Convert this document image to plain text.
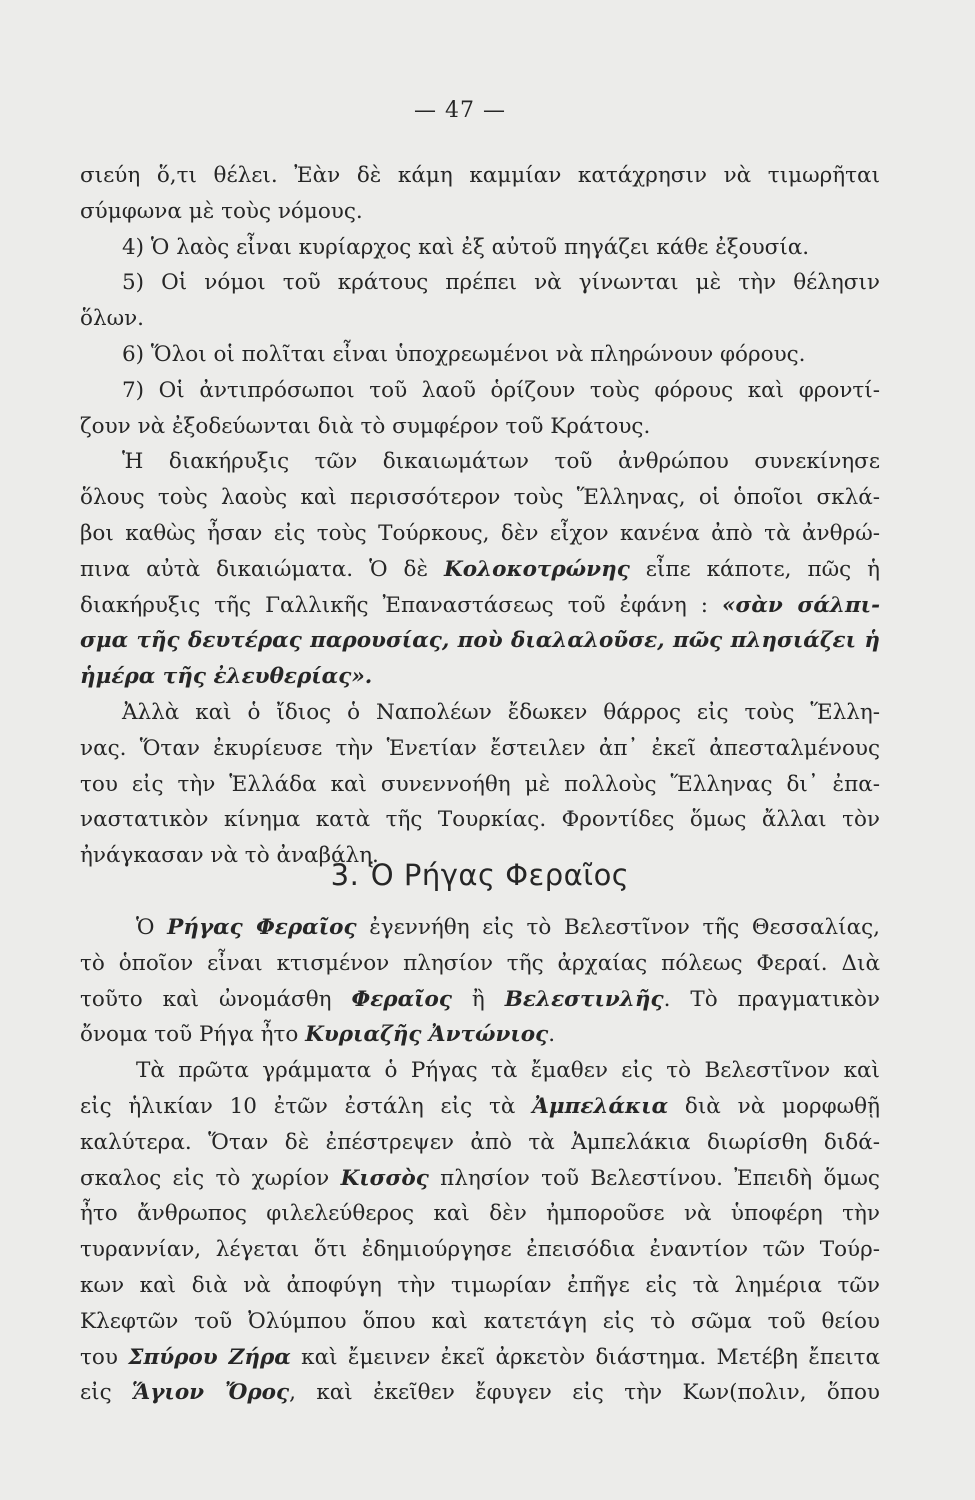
— 47 —
σιεύη ὅ,τι θέλει. Ἐὰν δὲ κάμη καμμίαν κατάχρησιν νὰ τιμωρῆται
σύμφωνα μὲ τοὺς νόμους.
4) Ὁ λαὸς εἶναι κυρίαρχος καὶ ἐξ αὐτοῦ πηγάζει κάθε ἐξουσία.
5) Οἱ νόμοι τοῦ κράτους πρέπει νὰ γίνωνται μὲ τὴν θέλησιν
ὅλων.
6) Ὅλοι οἱ πολῖται εἶναι ὑποχρεωμένοι νὰ πληρώνουν φόρους.
7) Οἱ ἀντιπρόσωποι τοῦ λαοῦ ὁρίζουν τοὺς φόρους καὶ φροντί-
ζουν νὰ ἐξοδεύωνται διὰ τὸ συμφέρον τοῦ Κράτους.
Ἡ διακήρυξις τῶν δικαιωμάτων τοῦ ἀνθρώπου συνεκίνησε
ὅλους τοὺς λαοὺς καὶ περισσότερον τοὺς Ἕλληνας, οἱ ὁποῖοι σκλά-
βοι καθὼς ἦσαν εἰς τοὺς Τούρκους, δὲν εἶχον κανένα ἀπὸ τὰ ἀνθρώ-
πινα αὐτὰ δικαιώματα. Ὁ δὲ Κολοκοτρώνης εἶπε κάποτε, πῶς ἡ
διακήρυξις τῆς Γαλλικῆς Ἐπαναστάσεως τοῦ ἐφάνη : «σὰν σάλπι-
σμα τῆς δευτέρας παρουσίας, ποὺ διαλαλοῦσε, πῶς πλησιάζει ἡ
ἡμέρα τῆς ἐλευθερίας».
Ἀλλὰ καὶ ὁ ἴδιος ὁ Ναπολέων ἔδωκεν θάρρος εἰς τοὺς Ἕλλη-
νας. Ὅταν ἐκυρίευσε τὴν Ἑνετίαν ἔστειλεν ἀπ᾽ ἐκεῖ ἀπεσταλμένους
του εἰς τὴν Ἑλλάδα καὶ συνεννοήθη μὲ πολλοὺς Ἕλληνας δι᾽ ἐπα-
ναστατικὸν κίνημα κατὰ τῆς Τουρκίας. Φροντίδες ὅμως ἄλλαι τὸν
ἠνάγκασαν νὰ τὸ ἀναβάλη.
3. Ὁ Ρήγας Φεραῖος
Ὁ Ρήγας Φεραῖος ἐγεννήθη εἰς τὸ Βελεστῖνον τῆς Θεσσαλίας,
τὸ ὁποῖον εἶναι κτισμένον πλησίον τῆς ἀρχαίας πόλεως Φεραί. Διὰ
τοῦτο καὶ ὠνομάσθη Φεραῖος ἢ Βελεστινλῆς. Τὸ πραγματικὸν
ὄνομα τοῦ Ρήγα ἦτο Κυριαζῆς Ἀντώνιος.
Τὰ πρῶτα γράμματα ὁ Ρήγας τὰ ἔμαθεν εἰς τὸ Βελεστῖνον καὶ
εἰς ἡλικίαν 10 ἐτῶν ἐστάλη εἰς τὰ Ἀμπελάκια διὰ νὰ μορφωθῇ
καλύτερα. Ὅταν δὲ ἐπέστρεψεν ἀπὸ τὰ Ἀμπελάκια διωρίσθη διδά-
σκαλος εἰς τὸ χωρίον Κισσὸς πλησίον τοῦ Βελεστίνου. Ἐπειδὴ ὅμως
ἦτο ἄνθρωπος φιλελεύθερος καὶ δὲν ἠμποροῦσε νὰ ὑποφέρη τὴν
τυραννίαν, λέγεται ὅτι ἐδημιούργησε ἐπεισόδια ἐναντίον τῶν Τούρ-
κων καὶ διὰ νὰ ἀποφύγη τὴν τιμωρίαν ἐπῆγε εἰς τὰ λημέρια τῶν
Κλεφτῶν τοῦ Ὀλύμπου ὅπου καὶ κατετάγη εἰς τὸ σῶμα τοῦ θείου
του Σπύρου Ζήρα καὶ ἔμεινεν ἐκεῖ ἀρκετὸν διάστημα. Μετέβη ἔπειτα
εἰς Ἅγιον Ὄρος, καὶ ἐκεῖθεν ἔφυγεν εἰς τὴν Κων(πολιν, ὅπου
